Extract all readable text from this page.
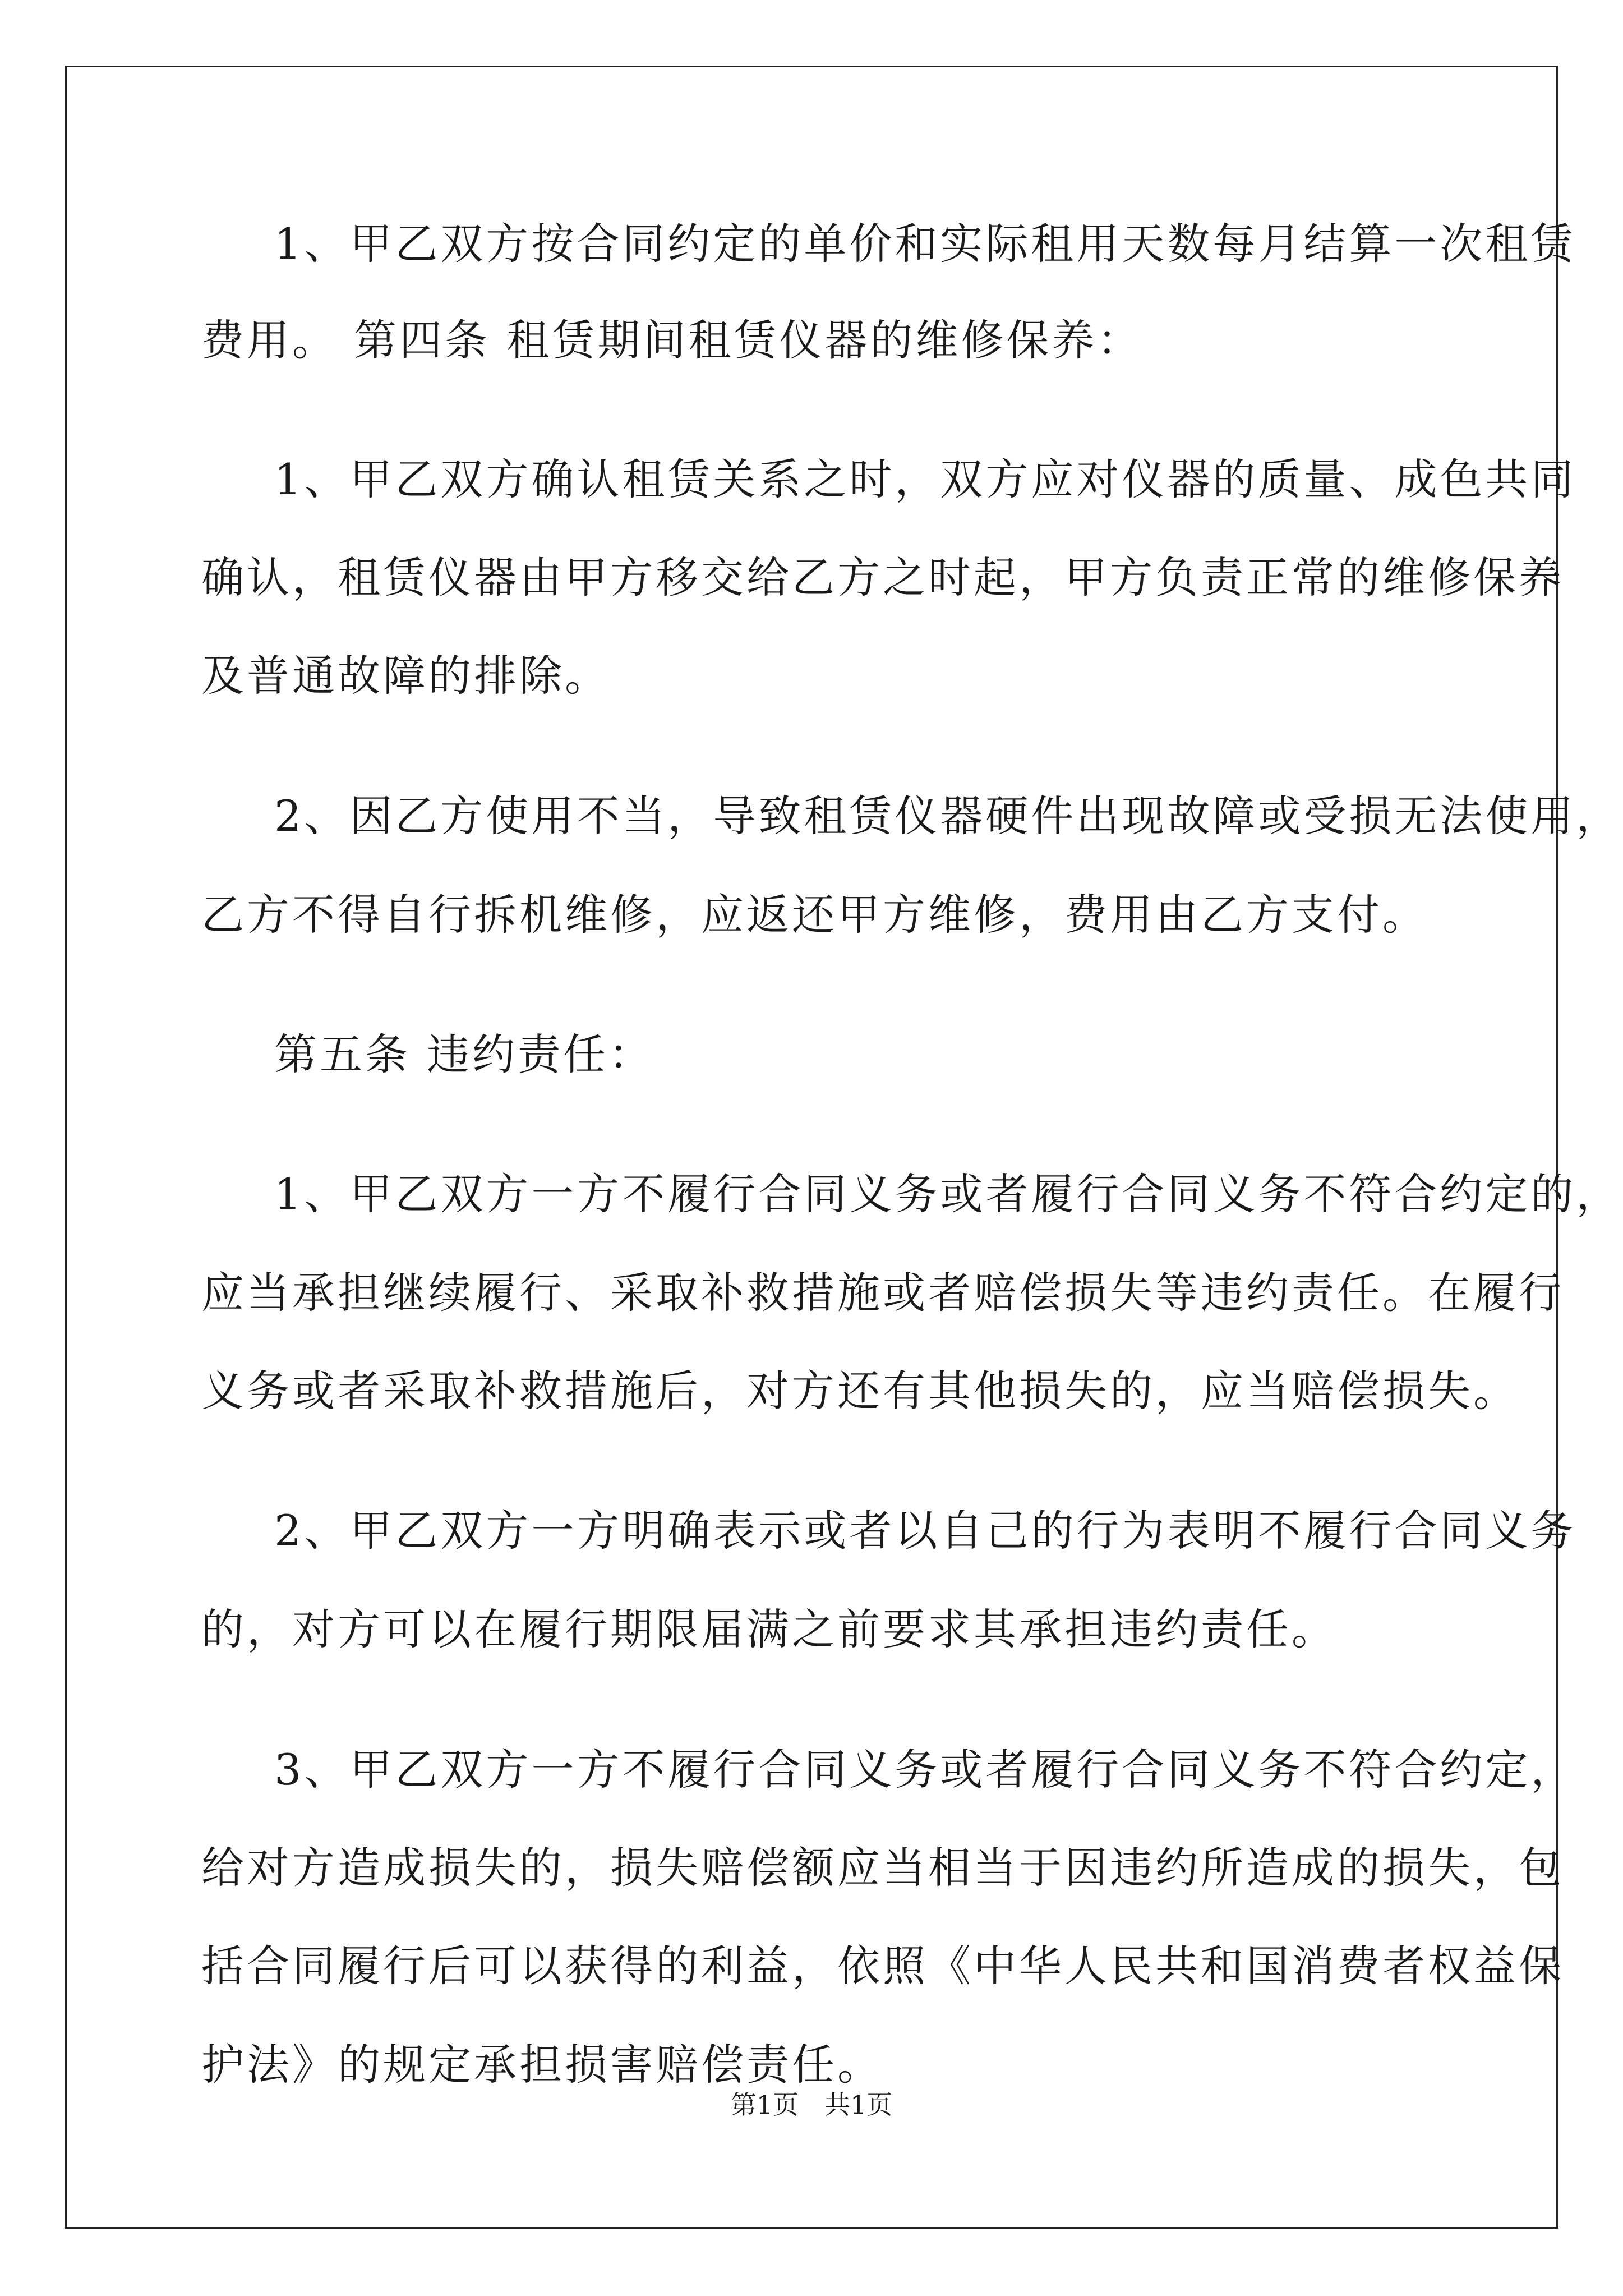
1、甲乙双方按合同约定的单价和实际租用天数每月结算一次租赁
费用。 第四条 租赁期间租赁仪器的维修保养：
1、甲乙双方确认租赁关系之时，双方应对仪器的质量、成色共同
确认，租赁仪器由甲方移交给乙方之时起，甲方负责正常的维修保养
及普通故障的排除。
2、因乙方使用不当，导致租赁仪器硬件出现故障或受损无法使用，
乙方不得自行拆机维修，应返还甲方维修，费用由乙方支付。
第五条 违约责任：
1、甲乙双方一方不履行合同义务或者履行合同义务不符合约定的，
应当承担继续履行、采取补救措施或者赔偿损失等违约责任。在履行
义务或者采取补救措施后，对方还有其他损失的，应当赔偿损失。
2、甲乙双方一方明确表示或者以自己的行为表明不履行合同义务
的，对方可以在履行期限届满之前要求其承担违约责任。
3、甲乙双方一方不履行合同义务或者履行合同义务不符合约定，
给对方造成损失的，损失赔偿额应当相当于因违约所造成的损失，包
括合同履行后可以获得的利益，依照《中华人民共和国消费者权益保
护法》的规定承担损害赔偿责任。
第1页　共1页
